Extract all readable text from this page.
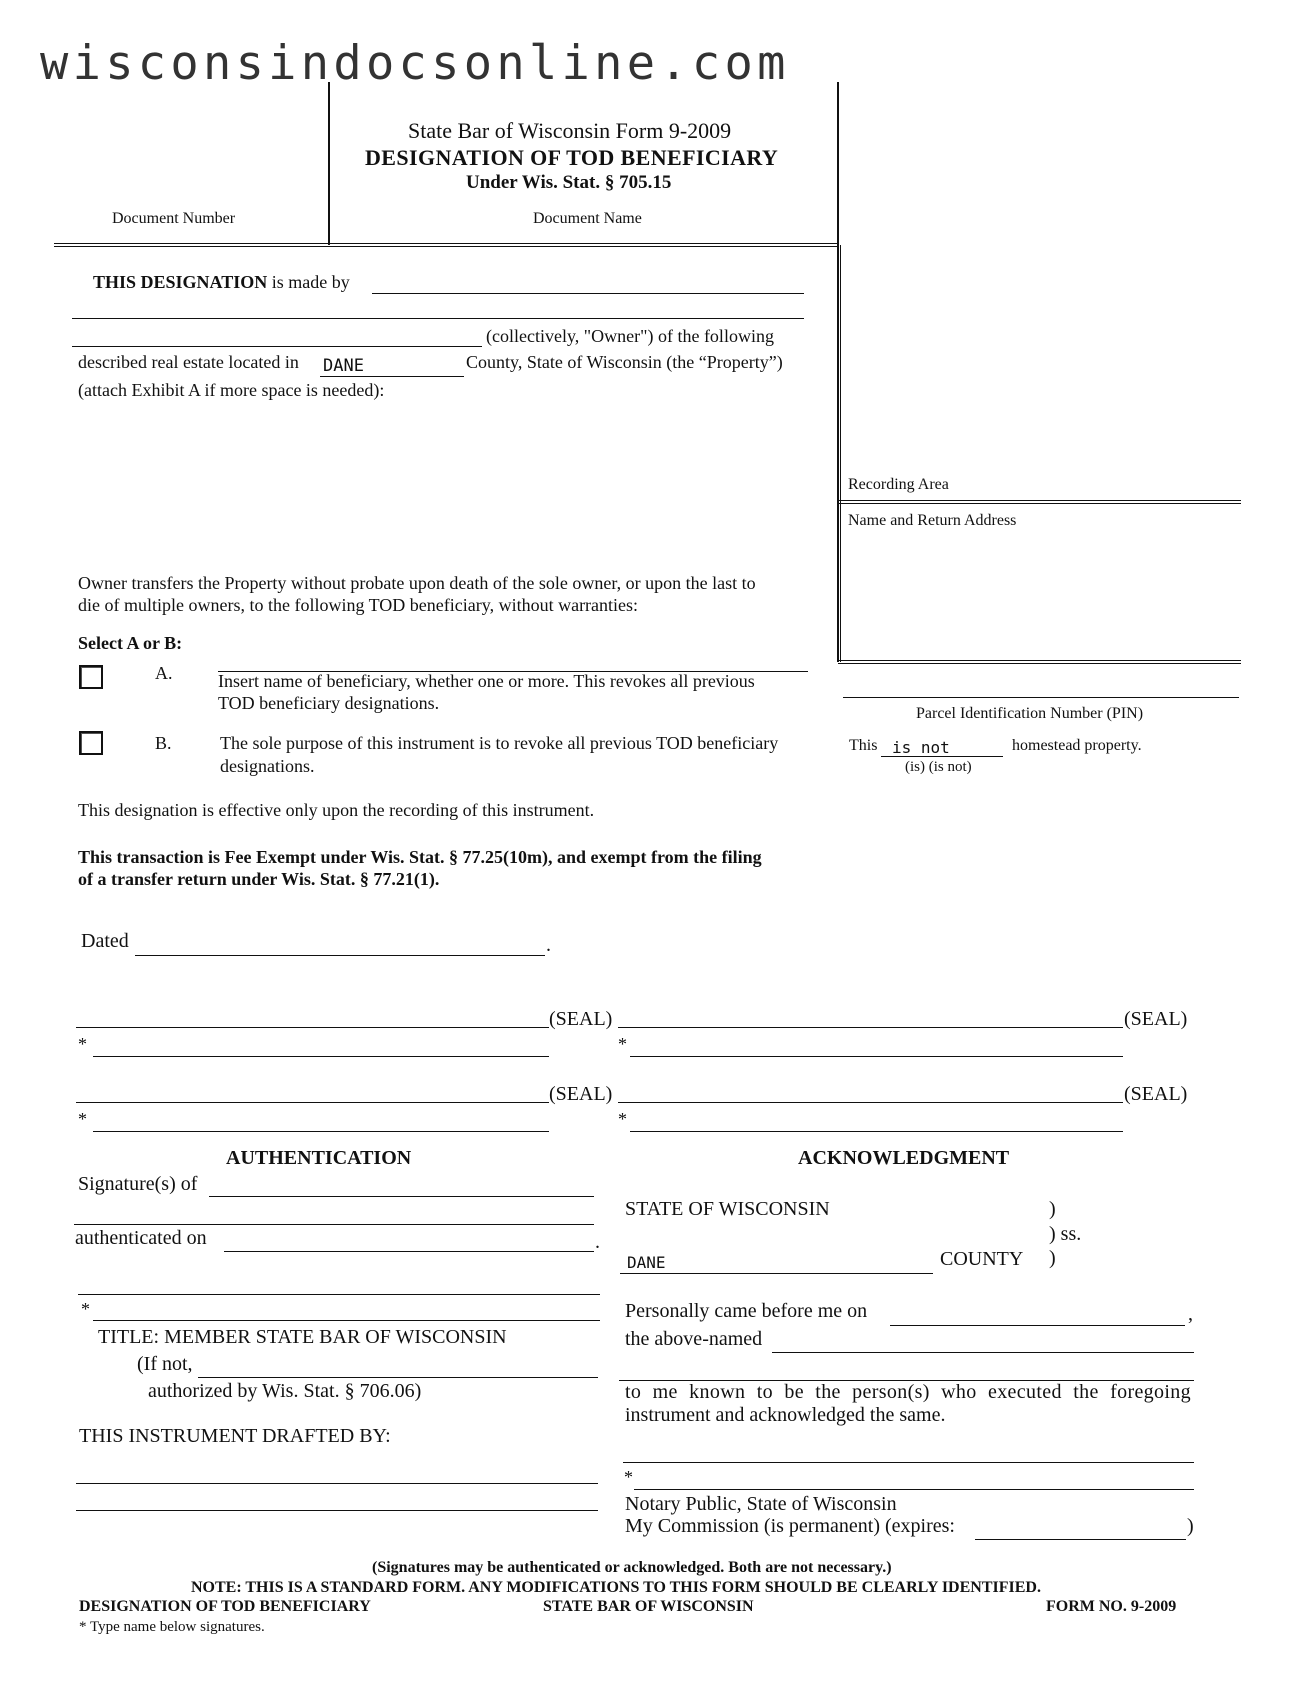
wisconsindocsonline.com
State Bar of Wisconsin Form 9-2009
DESIGNATION OF TOD BENEFICIARY
Under Wis. Stat. § 705.15
Document Number	Document Name
THIS DESIGNATION is made by
(collectively, "Owner") of the following
described real estate located in DANE	County, State of Wisconsin (the “Property”)
(attach Exhibit A if more space is needed):
Recording Area
Name and Return Address
Parcel Identification Number (PIN)
This is not	homestead property.
(is) (is not)
Owner transfers the Property without probate upon death of the sole owner, or upon the last to
die of multiple owners, to the following TOD beneficiary, without warranties:
Select A or B:
A.	Insert name of beneficiary, whether one or more. This revokes all previous
TOD beneficiary designations.
B.	The sole purpose of this instrument is to revoke all previous TOD beneficiary
designations.
This designation is effective only upon the recording of this instrument.
This transaction is Fee Exempt under Wis. Stat. § 77.25(10m), and exempt from the filing
of a transfer return under Wis. Stat. § 77.21(1).
Dated	.
(SEAL)	(SEAL)
*	*
(SEAL)	(SEAL)
*	*
AUTHENTICATION
Signature(s) of
authenticated on	.
*
TITLE: MEMBER STATE BAR OF WISCONSIN
(If not,
authorized by Wis. Stat. § 706.06)
THIS INSTRUMENT DRAFTED BY:
ACKNOWLEDGMENT
STATE OF WISCONSIN	)
) ss.
)
DANE	COUNTY
Personally came before me on	,
the above-named
to me known to be the person(s) who executed the foregoing
instrument and acknowledged the same.
*
Notary Public, State of Wisconsin
My Commission (is permanent) (expires:	)
(Signatures may be authenticated or acknowledged. Both are not necessary.)
NOTE: THIS IS A STANDARD FORM. ANY MODIFICATIONS TO THIS FORM SHOULD BE CLEARLY IDENTIFIED.
DESIGNATION OF TOD BENEFICIARY	STATE BAR OF WISCONSIN	FORM NO. 9-2009
* Type name below signatures.
